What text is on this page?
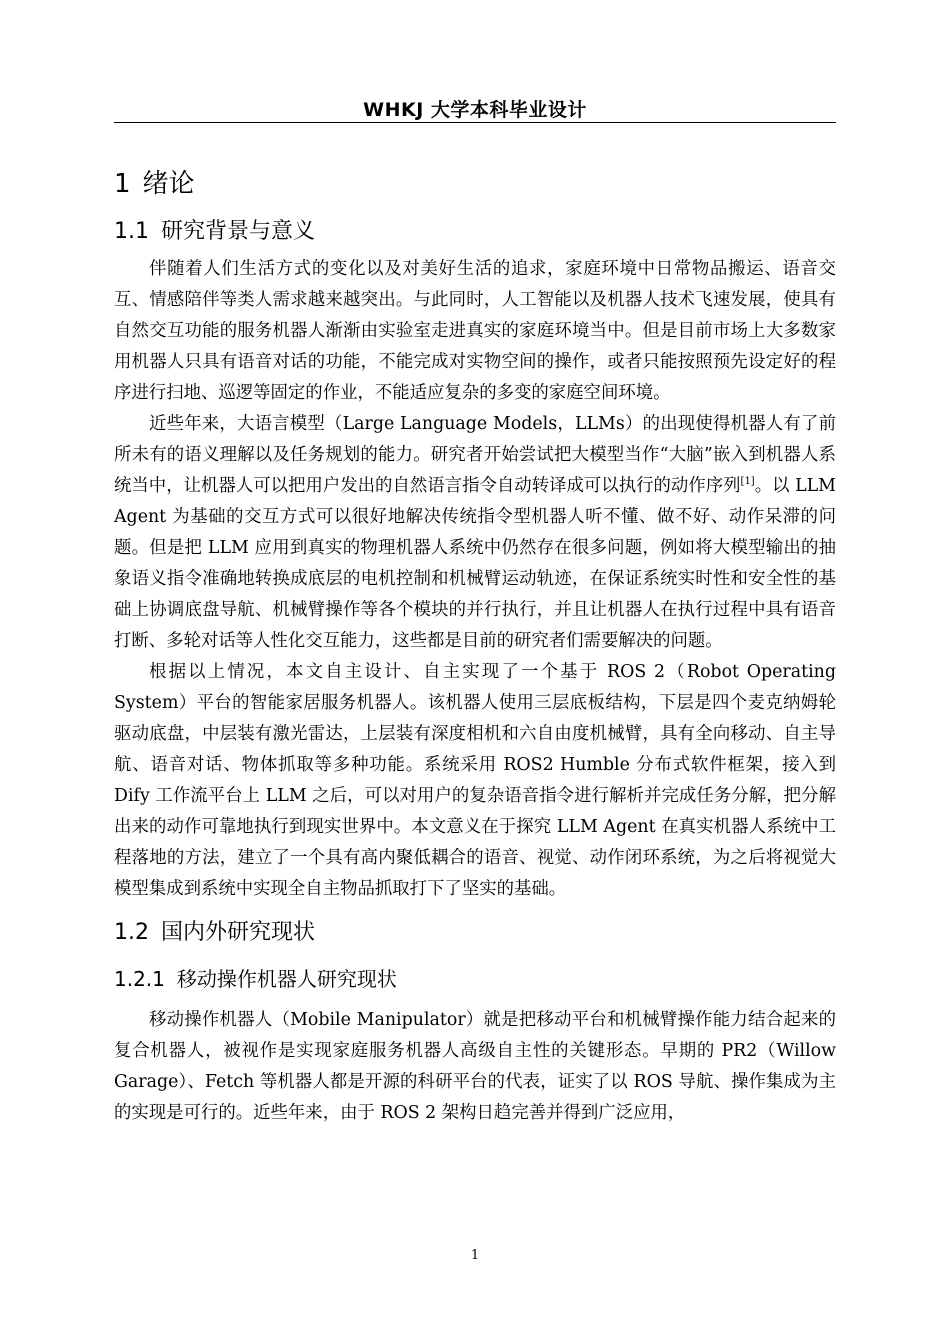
WHKJ 大学本科毕业设计
1 绪论
1.1 研究背景与意义

伴随着人们生活方式的变化以及对美好生活的追求，家庭环境中日常物品搬运、语音交互、情感陪伴等类人需求越来越突出。与此同时，人工智能以及机器人技术飞速发展，使具有自然交互功能的服务机器人渐渐由实验室走进真实的家庭环境当中。但是目前市场上大多数家用机器人只具有语音对话的功能，不能完成对实物空间的操作，或者只能按照预先设定好的程序进行扫地、巡逻等固定的作业，不能适应复杂的多变的家庭空间环境。

近些年来，大语言模型（Large Language Models，LLMs）的出现使得机器人有了前所未有的语义理解以及任务规划的能力。研究者开始尝试把大模型当作“大脑”嵌入到机器人系统当中，让机器人可以把用户发出的自然语言指令自动转译成可以执行的动作序列[1]。以 LLM Agent 为基础的交互方式可以很好地解决传统指令型机器人听不懂、做不好、动作呆滞的问题。但是把 LLM 应用到真实的物理机器人系统中仍然存在很多问题，例如将大模型输出的抽象语义指令准确地转换成底层的电机控制和机械臂运动轨迹，在保证系统实时性和安全性的基础上协调底盘导航、机械臂操作等各个模块的并行执行，并且让机器人在执行过程中具有语音打断、多轮对话等人性化交互能力，这些都是目前的研究者们需要解决的问题。

根据以上情况，本文自主设计、自主实现了一个基于 ROS 2（Robot Operating System）平台的智能家居服务机器人。该机器人使用三层底板结构，下层是四个麦克纳姆轮驱动底盘，中层装有激光雷达，上层装有深度相机和六自由度机械臂，具有全向移动、自主导航、语音对话、物体抓取等多种功能。系统采用 ROS2 Humble 分布式软件框架，接入到 Dify 工作流平台上 LLM 之后，可以对用户的复杂语音指令进行解析并完成任务分解，把分解出来的动作可靠地执行到现实世界中。本文意义在于探究 LLM Agent 在真实机器人系统中工程落地的方法，建立了一个具有高内聚低耦合的语音、视觉、动作闭环系统，为之后将视觉大模型集成到系统中实现全自主物品抓取打下了坚实的基础。

1.2 国内外研究现状
1.2.1 移动操作机器人研究现状

移动操作机器人（Mobile Manipulator）就是把移动平台和机械臂操作能力结合起来的复合机器人，被视作是实现家庭服务机器人高级自主性的关键形态。早期的 PR2（Willow Garage）、Fetch 等机器人都是开源的科研平台的代表，证实了以 ROS 导航、操作集成为主的实现是可行的。近些年来，由于 ROS 2 架构日趋完善并得到广泛应用，

1
